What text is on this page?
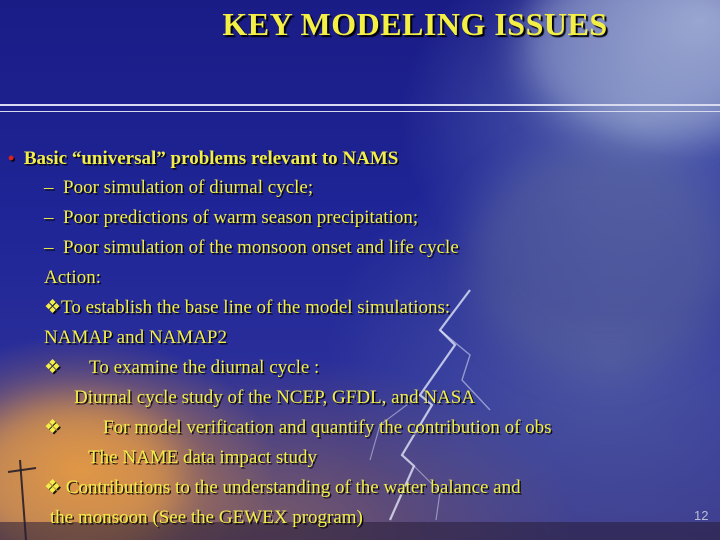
KEY MODELING ISSUES
• Basic “universal” problems relevant to NAMS
– Poor simulation of diurnal cycle;
– Poor predictions of warm season precipitation;
– Poor simulation of the monsoon onset and life cycle
Action:
❖To establish the base line of the model simulations:
NAMAP and NAMAP2
❖ To examine the diurnal cycle :
Diurnal cycle study of the NCEP, GFDL, and NASA
❖ For model verification and quantify the contribution of obs
The NAME data impact study
❖ Contributions to the understanding of the water balance and
the monsoon (See the GEWEX program)	12
